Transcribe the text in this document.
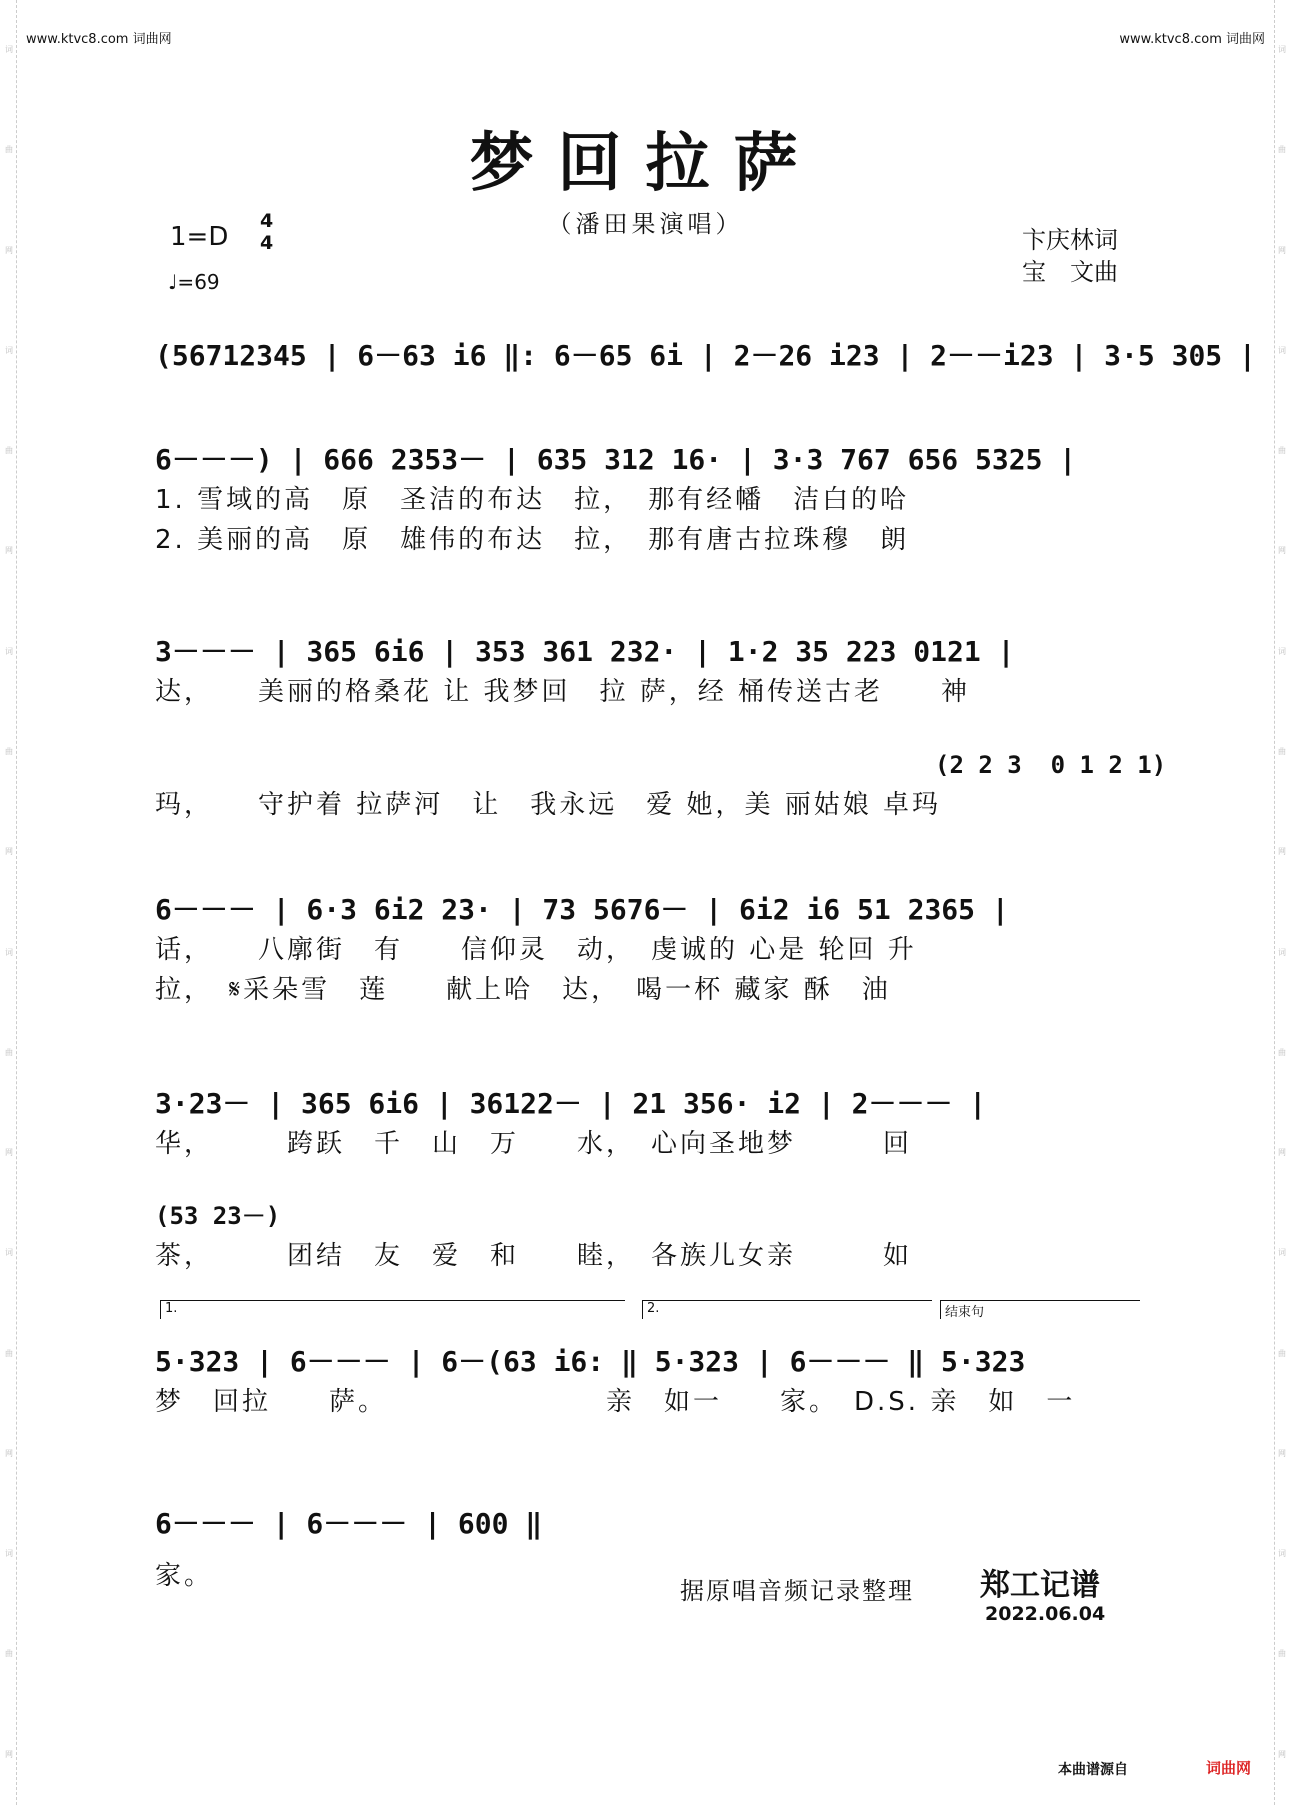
词
曲
网
词
曲
网
词
曲
网
词
曲
网
词
曲
网
词
曲
网
词
曲
网
词
曲
网
词
曲
网
词
曲
网
词
曲
网
词
曲
网
www.ktvc8.com 词曲网	www.ktvc8.com 词曲网
梦回拉萨
（潘田果演唱）
1=D
4
4
♩=69
卞庆林词
宝　文曲
(56712345 | 6－63 i6 ‖: 6－65 6i | 2－26 i23 | 2－－i23 | 3·5 305 |
6－－－) | 666 2353－ | 635 312 16· | 3·3 767 656 5325 |
1. 雪域的高　原　圣洁的布达　拉，　那有经幡　洁白的哈
2. 美丽的高　原　雄伟的布达　拉，　那有唐古拉珠穆　朗
3－－－ | 365 6i6 | 353 361 232· | 1·2 35 223 0121 |
达，　　美丽的格桑花 让 我梦回　拉 萨，经 桶传送古老　　神
(2 2 3  0 1 2 1)
玛，　　守护着 拉萨河　让　我永远　爱 她，美 丽姑娘 卓玛
6－－－ | 6·3 6i2 23· | 73 5676－ | 6i2 i6 51 2365 |
话，　　八廓街　有　　信仰灵　动，　虔诚的 心是 轮回 升
拉，　𝄋采朵雪　莲　　献上哈　达，　喝一杯 藏家 酥　油
3·23－ | 365 6i6 | 36122－ | 21 356· i2 | 2－－－ |
华，　　　跨跃　千　山　万　　水，　心向圣地梦　　　回
(53 23－)
茶，　　　团结　友　爱　和　　睦，　各族儿女亲　　　如
1.	2.	结束句
5·323 | 6－－－ | 6－(63 i6: ‖ 5·323 | 6－－－ ‖ 5·323
梦　回拉　　萨。　　　　　　　　亲　如一　　家。　D.S. 亲　如　一
6－－－ | 6－－－ | 600 ‖
家。	据原唱音频记录整理 郑工记谱
2022.06.04
本曲谱源自	词曲网
